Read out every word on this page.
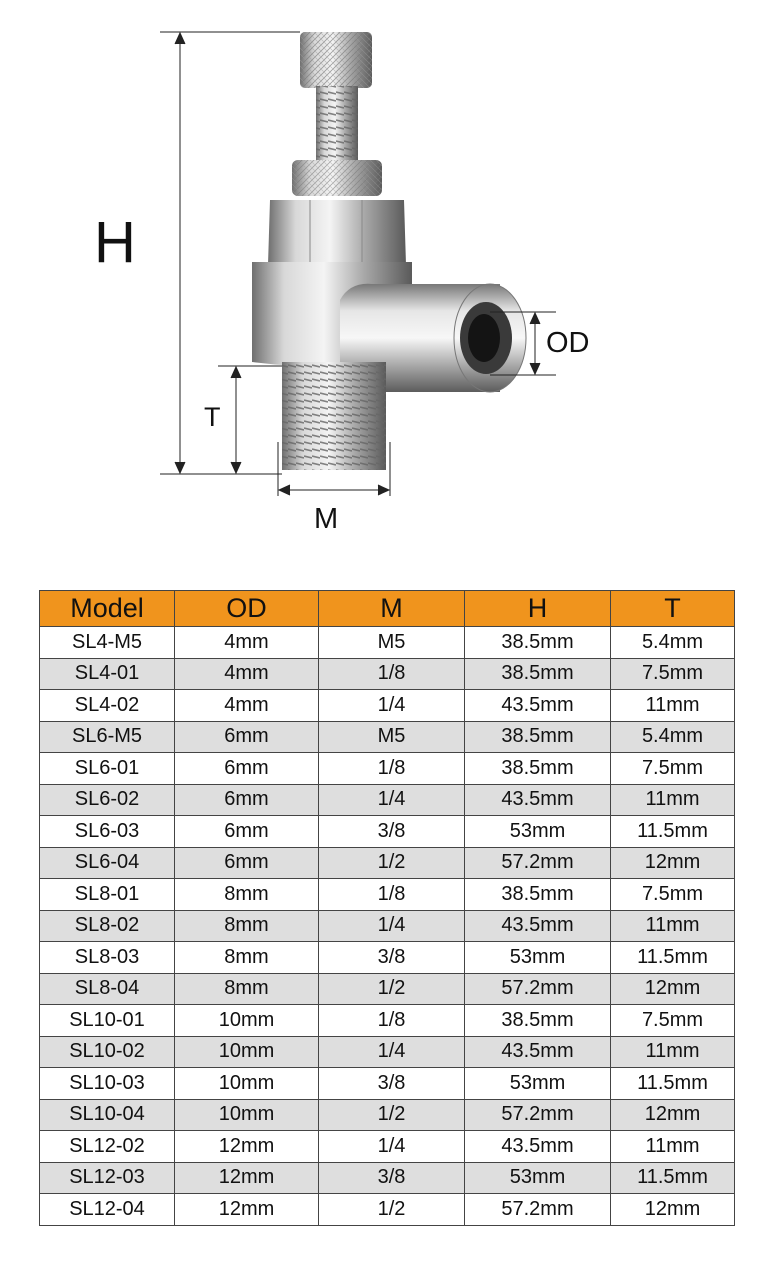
H
OD
T
M
Model	OD	M	H	T
SL4-M5	4mm	M5	38.5mm	5.4mm
SL4-01	4mm	1/8	38.5mm	7.5mm
SL4-02	4mm	1/4	43.5mm	11mm
SL6-M5	6mm	M5	38.5mm	5.4mm
SL6-01	6mm	1/8	38.5mm	7.5mm
SL6-02	6mm	1/4	43.5mm	11mm
SL6-03	6mm	3/8	53mm	11.5mm
SL6-04	6mm	1/2	57.2mm	12mm
SL8-01	8mm	1/8	38.5mm	7.5mm
SL8-02	8mm	1/4	43.5mm	11mm
SL8-03	8mm	3/8	53mm	11.5mm
SL8-04	8mm	1/2	57.2mm	12mm
SL10-01	10mm	1/8	38.5mm	7.5mm
SL10-02	10mm	1/4	43.5mm	11mm
SL10-03	10mm	3/8	53mm	11.5mm
SL10-04	10mm	1/2	57.2mm	12mm
SL12-02	12mm	1/4	43.5mm	11mm
SL12-03	12mm	3/8	53mm	11.5mm
SL12-04	12mm	1/2	57.2mm	12mm
